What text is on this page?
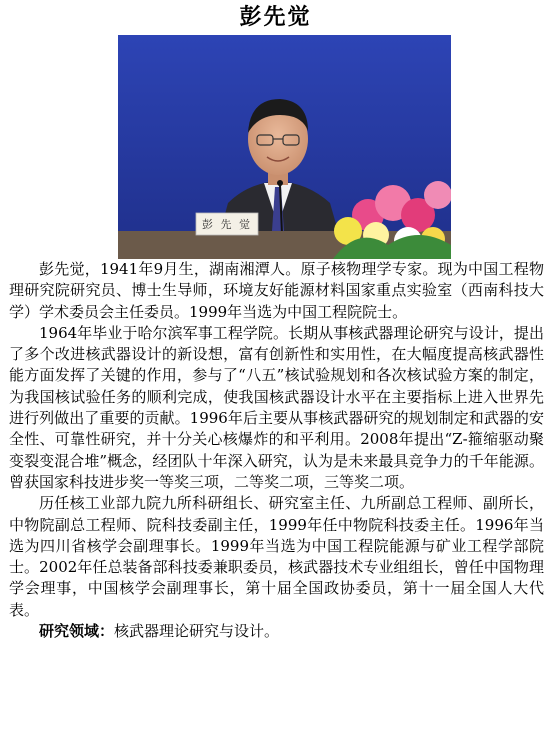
彭先觉
彭 先 觉

彭先觉，1941年9月生，湖南湘潭人。原子核物理学专家。现为中国工程物理研究院研究员、博士生导师，环境友好能源材料国家重点实验室（西南科技大学）学术委员会主任委员。1999年当选为中国工程院院士。

1964年毕业于哈尔滨军事工程学院。长期从事核武器理论研究与设计，提出了多个改进核武器设计的新设想，富有创新性和实用性，在大幅度提高核武器性能方面发挥了关键的作用，参与了“八五”核试验规划和各次核试验方案的制定，为我国核试验任务的顺利完成，使我国核武器设计水平在主要指标上进入世界先进行列做出了重要的贡献。1996年后主要从事核武器研究的规划制定和武器的安全性、可靠性研究，并十分关心核爆炸的和平利用。2008年提出“Z-箍缩驱动聚变裂变混合堆”概念，经团队十年深入研究，认为是未来最具竞争力的千年能源。曾获国家科技进步奖一等奖三项，二等奖二项，三等奖二项。

历任核工业部九院九所科研组长、研究室主任、九所副总工程师、副所长，中物院副总工程师、院科技委副主任，1999年任中物院科技委主任。1996年当选为四川省核学会副理事长。1999年当选为中国工程院能源与矿业工程学部院士。2002年任总装备部科技委兼职委员，核武器技术专业组组长，曾任中国物理学会理事，中国核学会副理事长，第十届全国政协委员，第十一届全国人大代表。

研究领域：核武器理论研究与设计。
